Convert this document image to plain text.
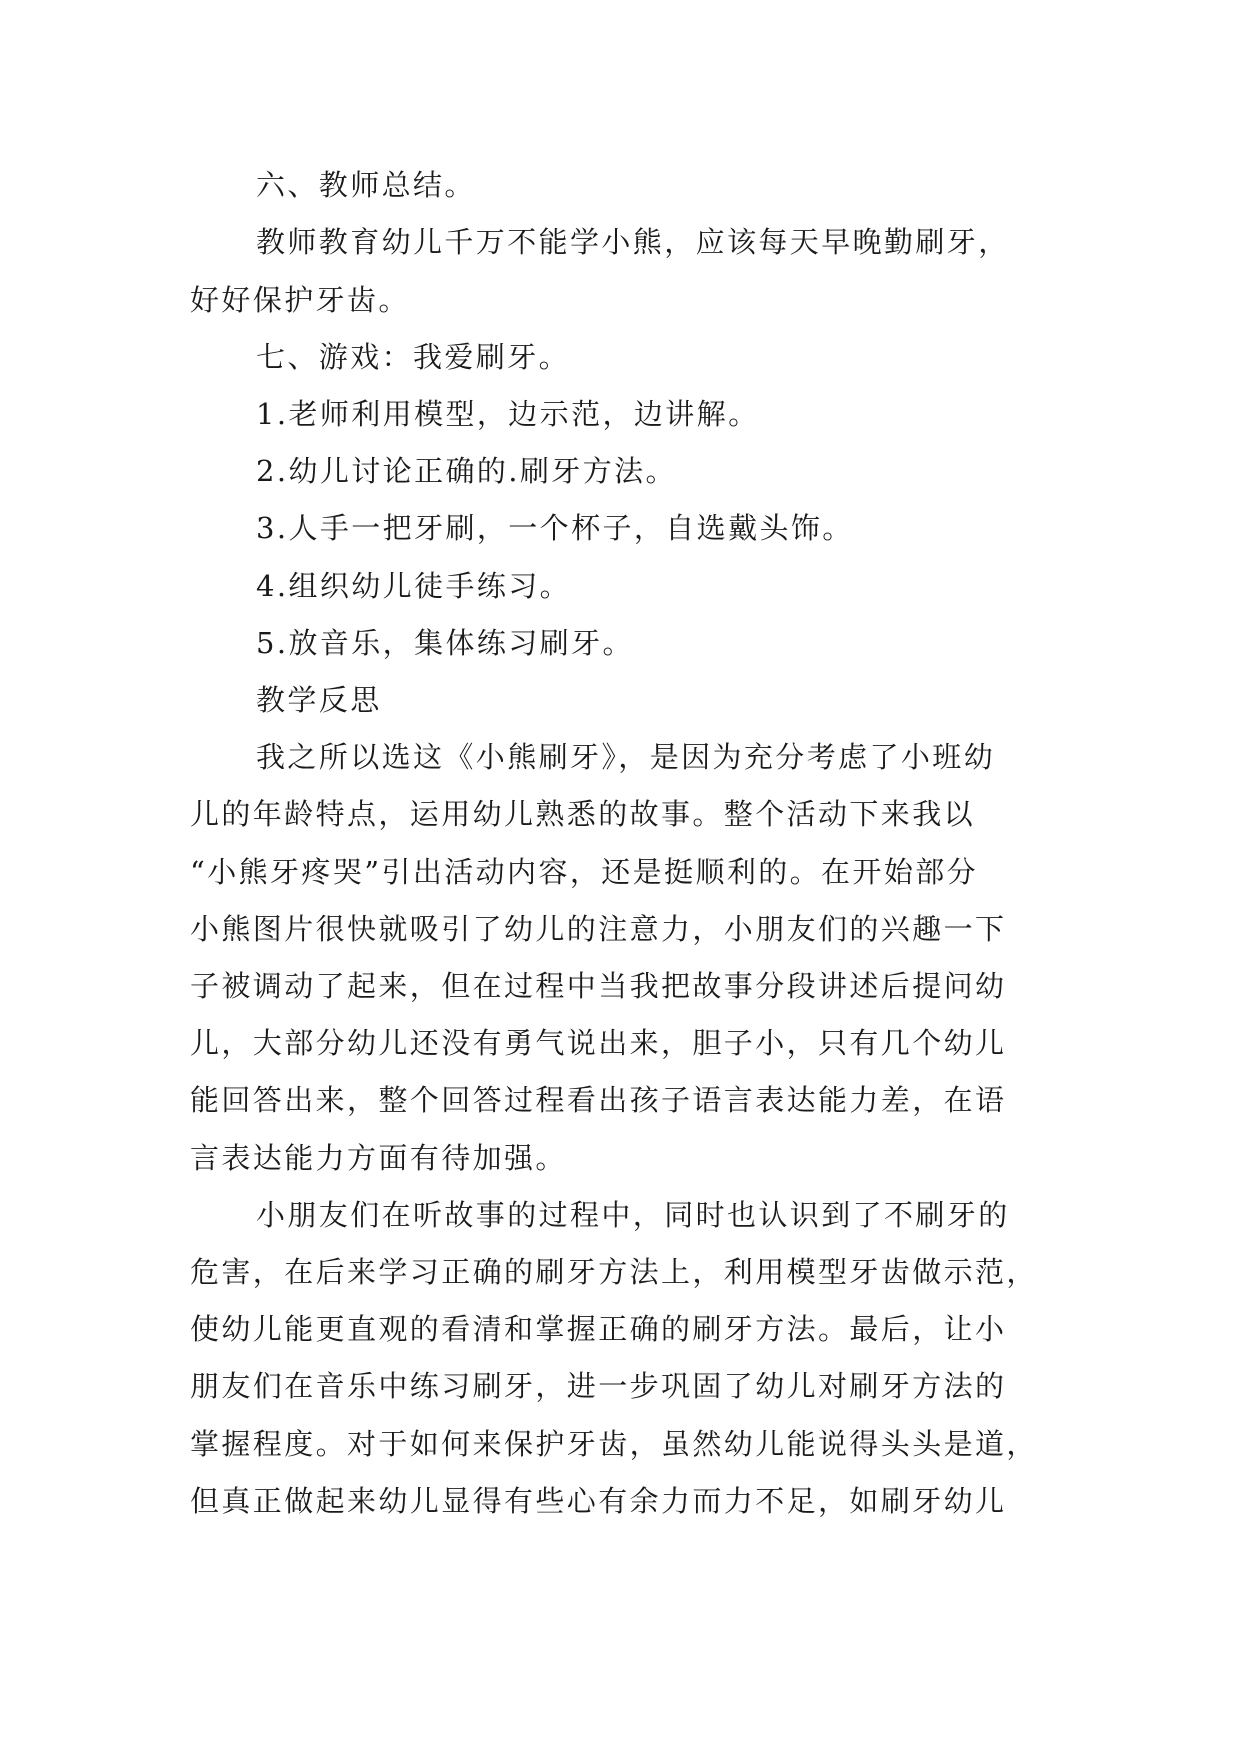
六、教师总结。
教师教育幼儿千万不能学小熊，应该每天早晚勤刷牙，
好好保护牙齿。
七、游戏：我爱刷牙。
1.老师利用模型，边示范，边讲解。
2.幼儿讨论正确的.刷牙方法。
3.人手一把牙刷，一个杯子，自选戴头饰。
4.组织幼儿徒手练习。
5.放音乐，集体练习刷牙。
教学反思
我之所以选这《小熊刷牙》，是因为充分考虑了小班幼
儿的年龄特点，运用幼儿熟悉的故事。整个活动下来我以
“小熊牙疼哭”引出活动内容，还是挺顺利的。在开始部分
小熊图片很快就吸引了幼儿的注意力，小朋友们的兴趣一下
子被调动了起来，但在过程中当我把故事分段讲述后提问幼
儿，大部分幼儿还没有勇气说出来，胆子小，只有几个幼儿
能回答出来，整个回答过程看出孩子语言表达能力差，在语
言表达能力方面有待加强。
小朋友们在听故事的过程中，同时也认识到了不刷牙的
危害，在后来学习正确的刷牙方法上，利用模型牙齿做示范，
使幼儿能更直观的看清和掌握正确的刷牙方法。最后，让小
朋友们在音乐中练习刷牙，进一步巩固了幼儿对刷牙方法的
掌握程度。对于如何来保护牙齿，虽然幼儿能说得头头是道，
但真正做起来幼儿显得有些心有余力而力不足，如刷牙幼儿
